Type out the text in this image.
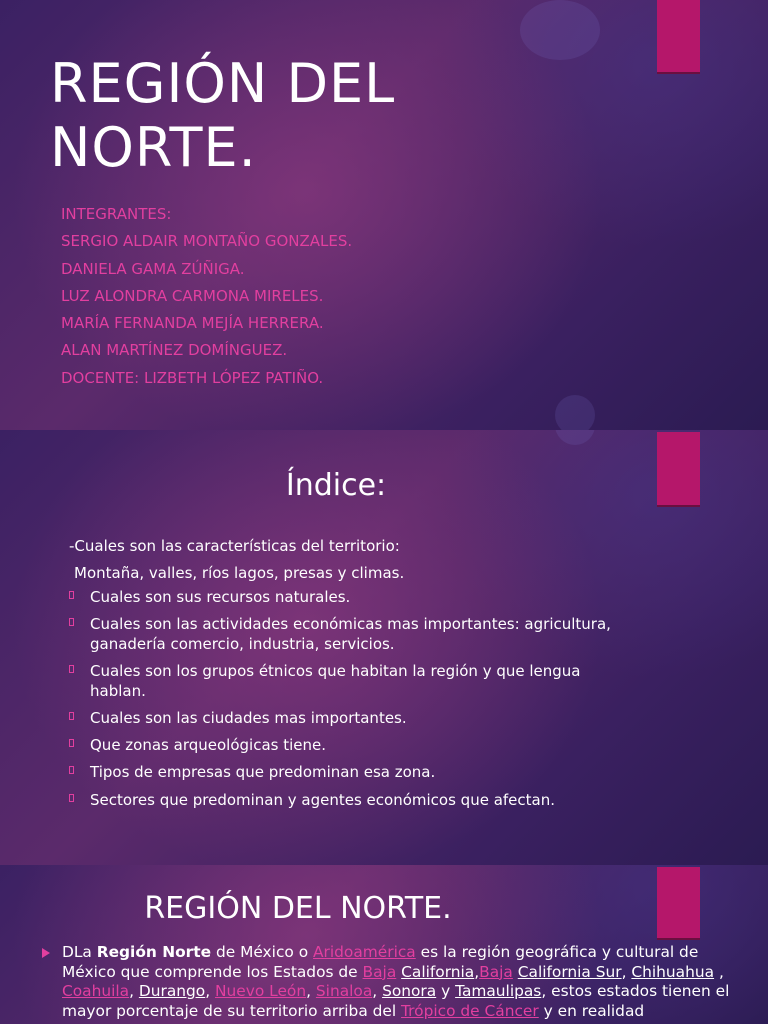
REGIÓN DEL NORTE.
INTEGRANTES:
SERGIO ALDAIR MONTAÑO GONZALES.
DANIELA GAMA ZÚÑIGA.
LUZ ALONDRA CARMONA MIRELES.
MARÍA FERNANDA MEJÍA HERRERA.
ALAN MARTÍNEZ DOMÍNGUEZ.
DOCENTE: LIZBETH LÓPEZ PATIÑO.
Índice:
-Cuales son las características del territorio:
Montaña, valles, ríos lagos, presas y climas.
Cuales son sus recursos naturales.
Cuales son las actividades económicas mas importantes: agricultura, ganadería comercio, industria, servicios.
Cuales son los grupos étnicos que habitan la región y que lengua hablan.
Cuales son las ciudades mas importantes.
Que zonas arqueológicas tiene.
Tipos de empresas que predominan esa zona.
Sectores que predominan y agentes económicos que afectan.
REGIÓN DEL NORTE.
DLa Región Norte de México o Aridoamérica es la región geográfica y cultural de México que comprende los Estados de Baja California,Baja California Sur, Chihuahua , Coahuila, Durango, Nuevo León, Sinaloa, Sonora y Tamaulipas, estos estados tienen el mayor porcentaje de su territorio arriba del Trópico de Cáncer y en realidad
